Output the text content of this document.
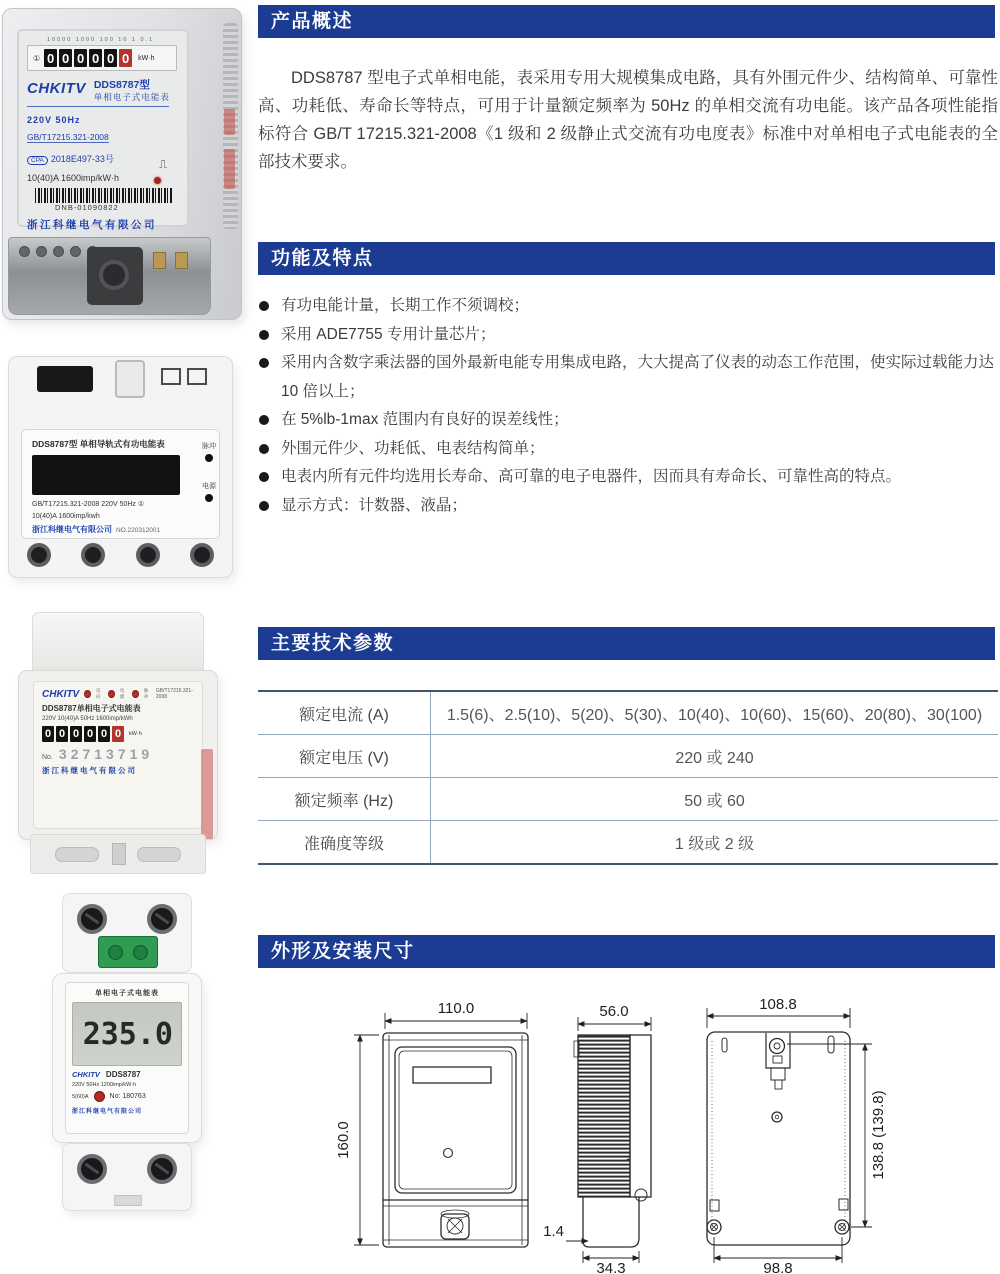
10000 1000 100 10 1 0.1
① 0 0 0 0 0 0	kW·h
CHKITV DDS8787型
单相电子式电能表
220V 50Hz
GB/T17215.321-2008
CPA 2018E497-33号	⎍
10(40)A 1600imp/kW·h
DNB-01090822
浙江科继电气有限公司
DDS8787型 单相导轨式有功电能表
GB/T17215.321-2008 220V 50Hz ①
10(40)A 1600imp/kwh
浙江科继电气有限公司 NO.220312001
脉冲
电源
CHKITV	反向
电源
脉冲
GB/T17215.321-2008
DDS8787单相电子式电能表
220V 10(40)A 50Hz 1600imp/kWh
0 0 0 0 0 0	kW·h
No. 32713719
浙江科继电气有限公司
单相电子式电能表
235.0
CHKITV DDS8787
220V 50Hz 1200imp/kW·h
5(60)A	No: 180763
浙江科继电气有限公司
产品概述

DDS8787 型电子式单相电能，表采用专用大规模集成电路，具有外围元件少、结构简单、可靠性高、功耗低、寿命长等特点，可用于计量额定频率为 50Hz 的单相交流有功电能。该产品各项性能指标符合 GB/T 17215.321-2008《1 级和 2 级静止式交流有功电度表》标准中对单相电子式电能表的全部技术要求。

功能及特点
有功电能计量，长期工作不须调校；
采用 ADE7755 专用计量芯片；
采用内含数字乘法器的国外最新电能专用集成电路，大大提高了仪表的动态工作范围，使实际过载能力达 10 倍以上；
在 5%lb-1max 范围内有良好的误差线性；
外围元件少、功耗低、电表结构简单；
电表内所有元件均选用长寿命、高可靠的电子电器件，因而具有寿命长、可靠性高的特点。
显示方式：计数器、液晶；
主要技术参数
额定电流 (A)	1.5(6)、2.5(10)、5(20)、5(30)、10(40)、10(60)、15(60)、20(80)、30(100)
额定电压 (V)	220 或 240
额定频率 (Hz)	50 或 60
准确度等级	1 级或 2 级
外形及安装尺寸
110.0
160.0
56.0
1.4
34.3
108.8
138.8 (139.8)
98.8
